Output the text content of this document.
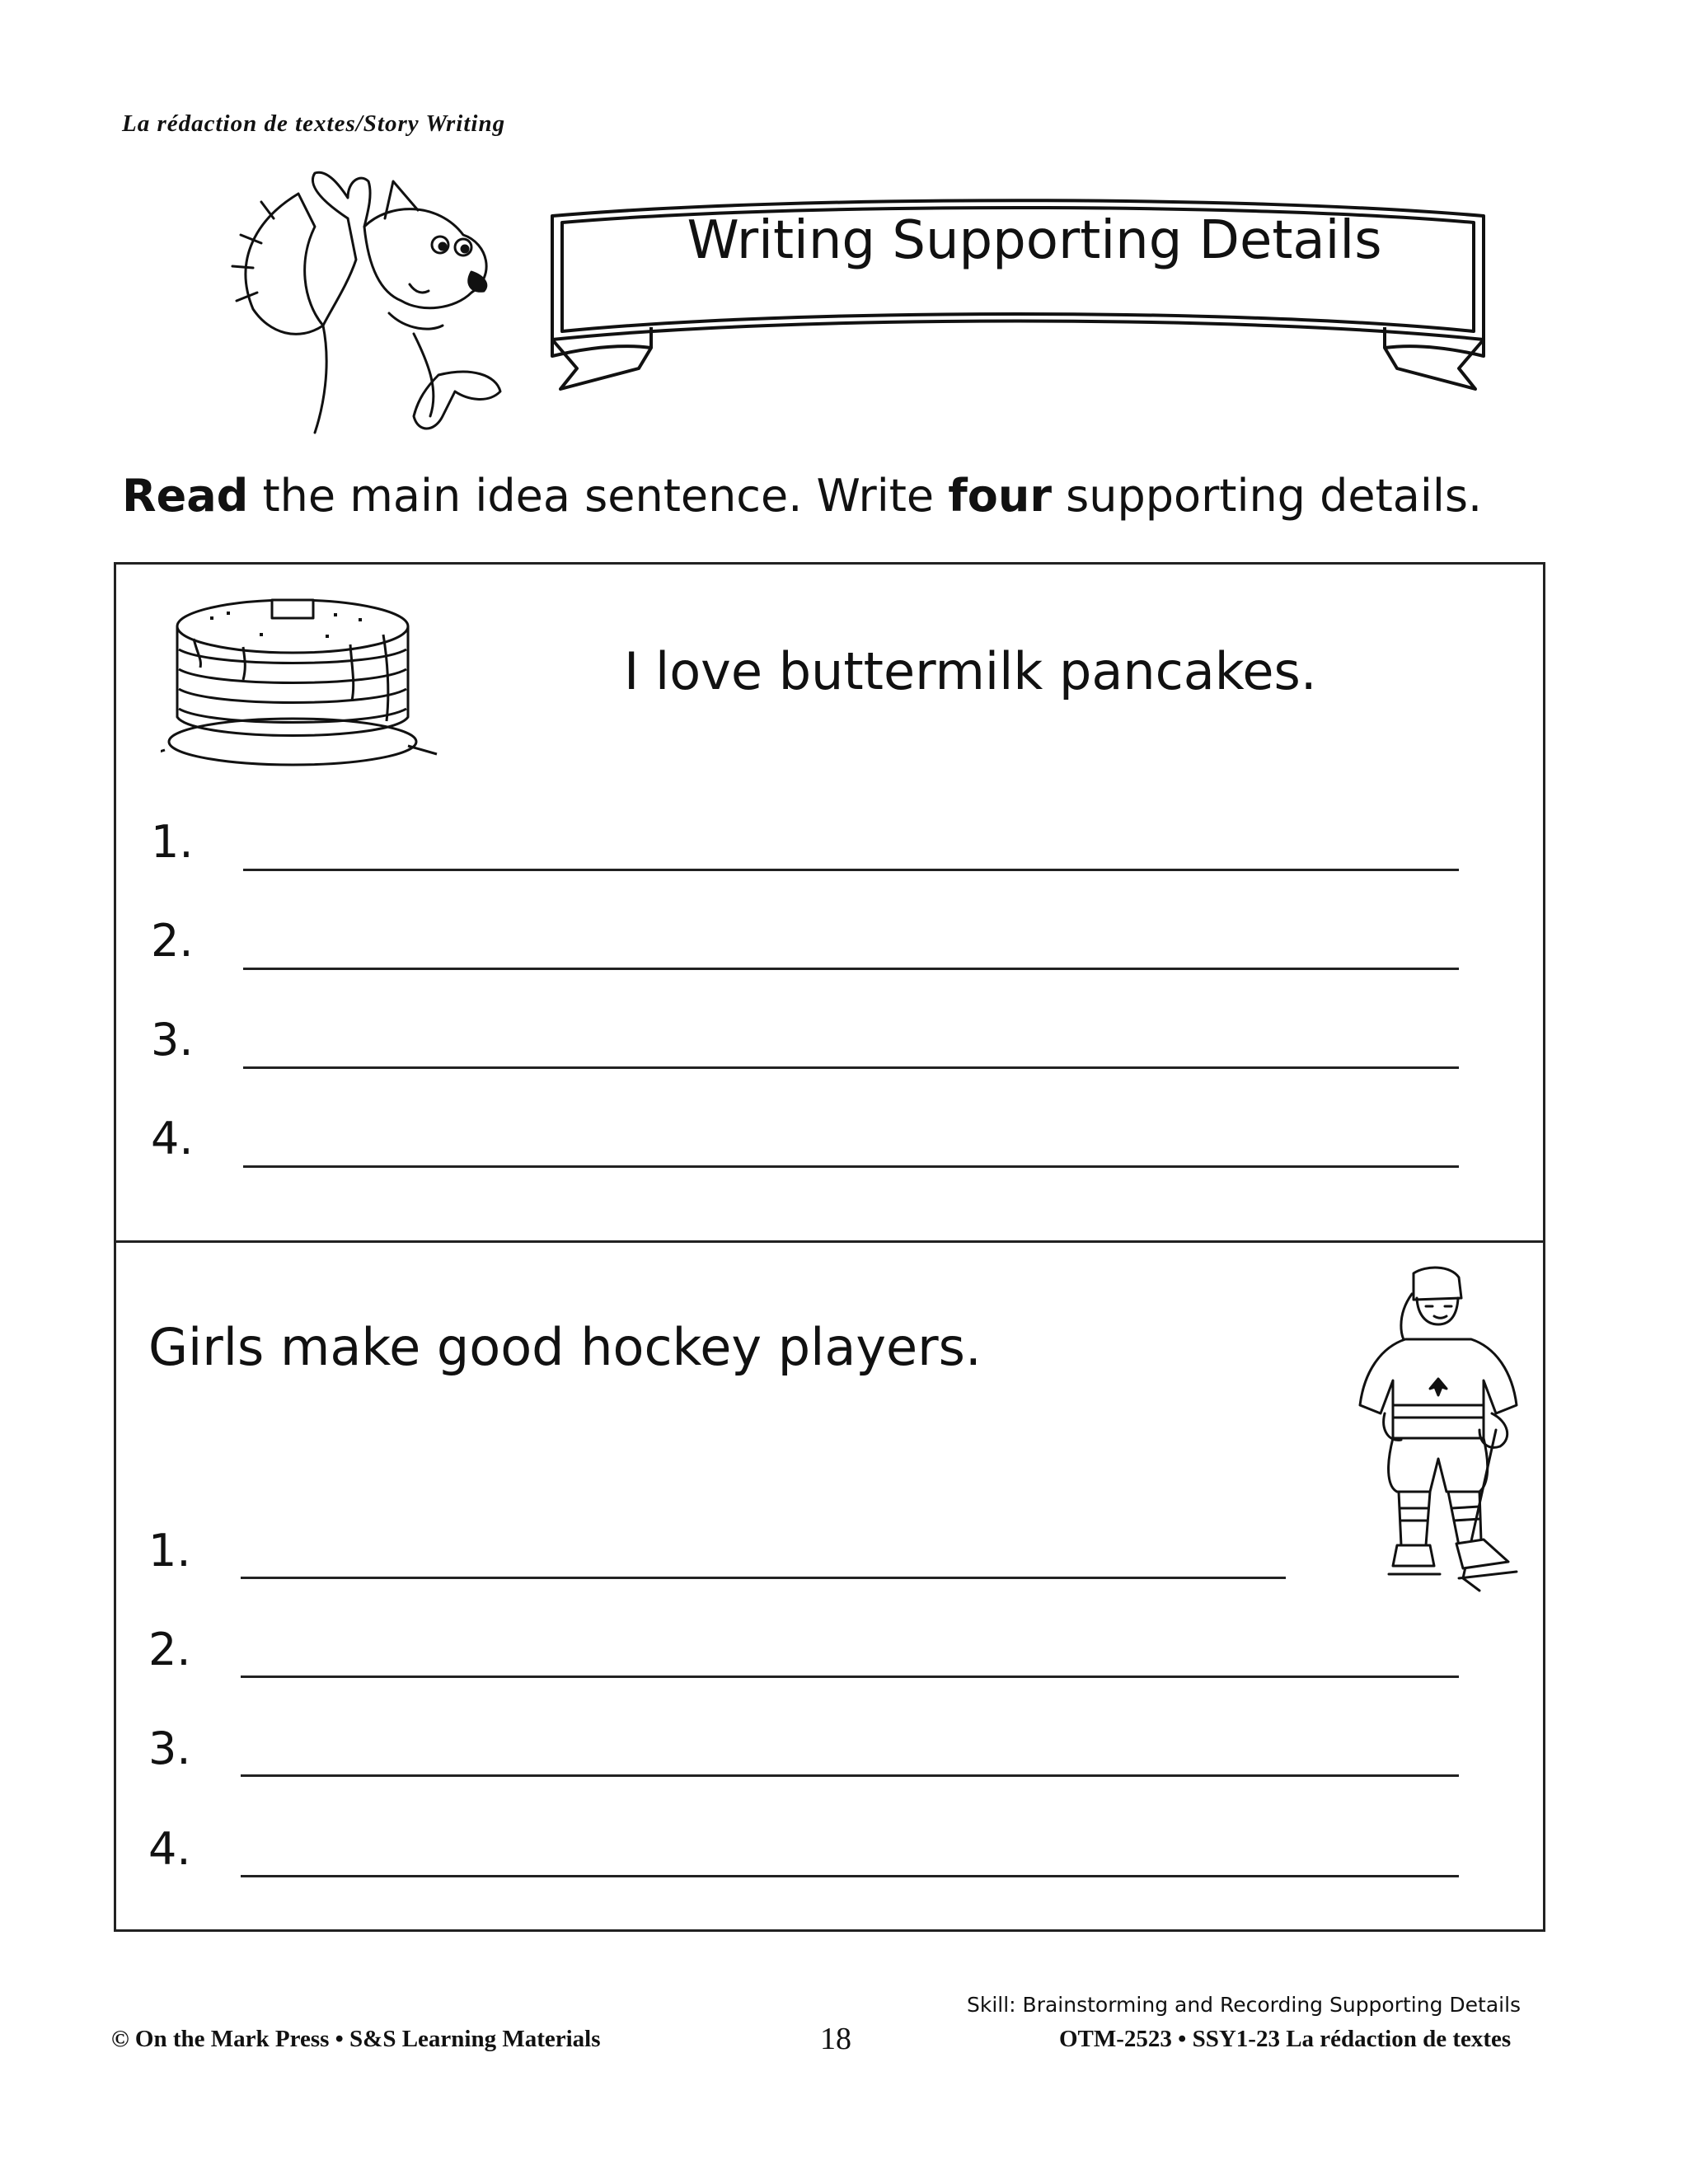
La rédaction de textes/Story Writing
Writing Supporting Details
Read the main idea sentence. Write four supporting details.
I love buttermilk pancakes.
1.
2.
3.
4.
Girls make good hockey players.
1.
2.
3.
4.
Skill: Brainstorming and Recording Supporting Details
© On the Mark Press • S&S Learning Materials	18	OTM-2523 • SSY1-23 La rédaction de textes
